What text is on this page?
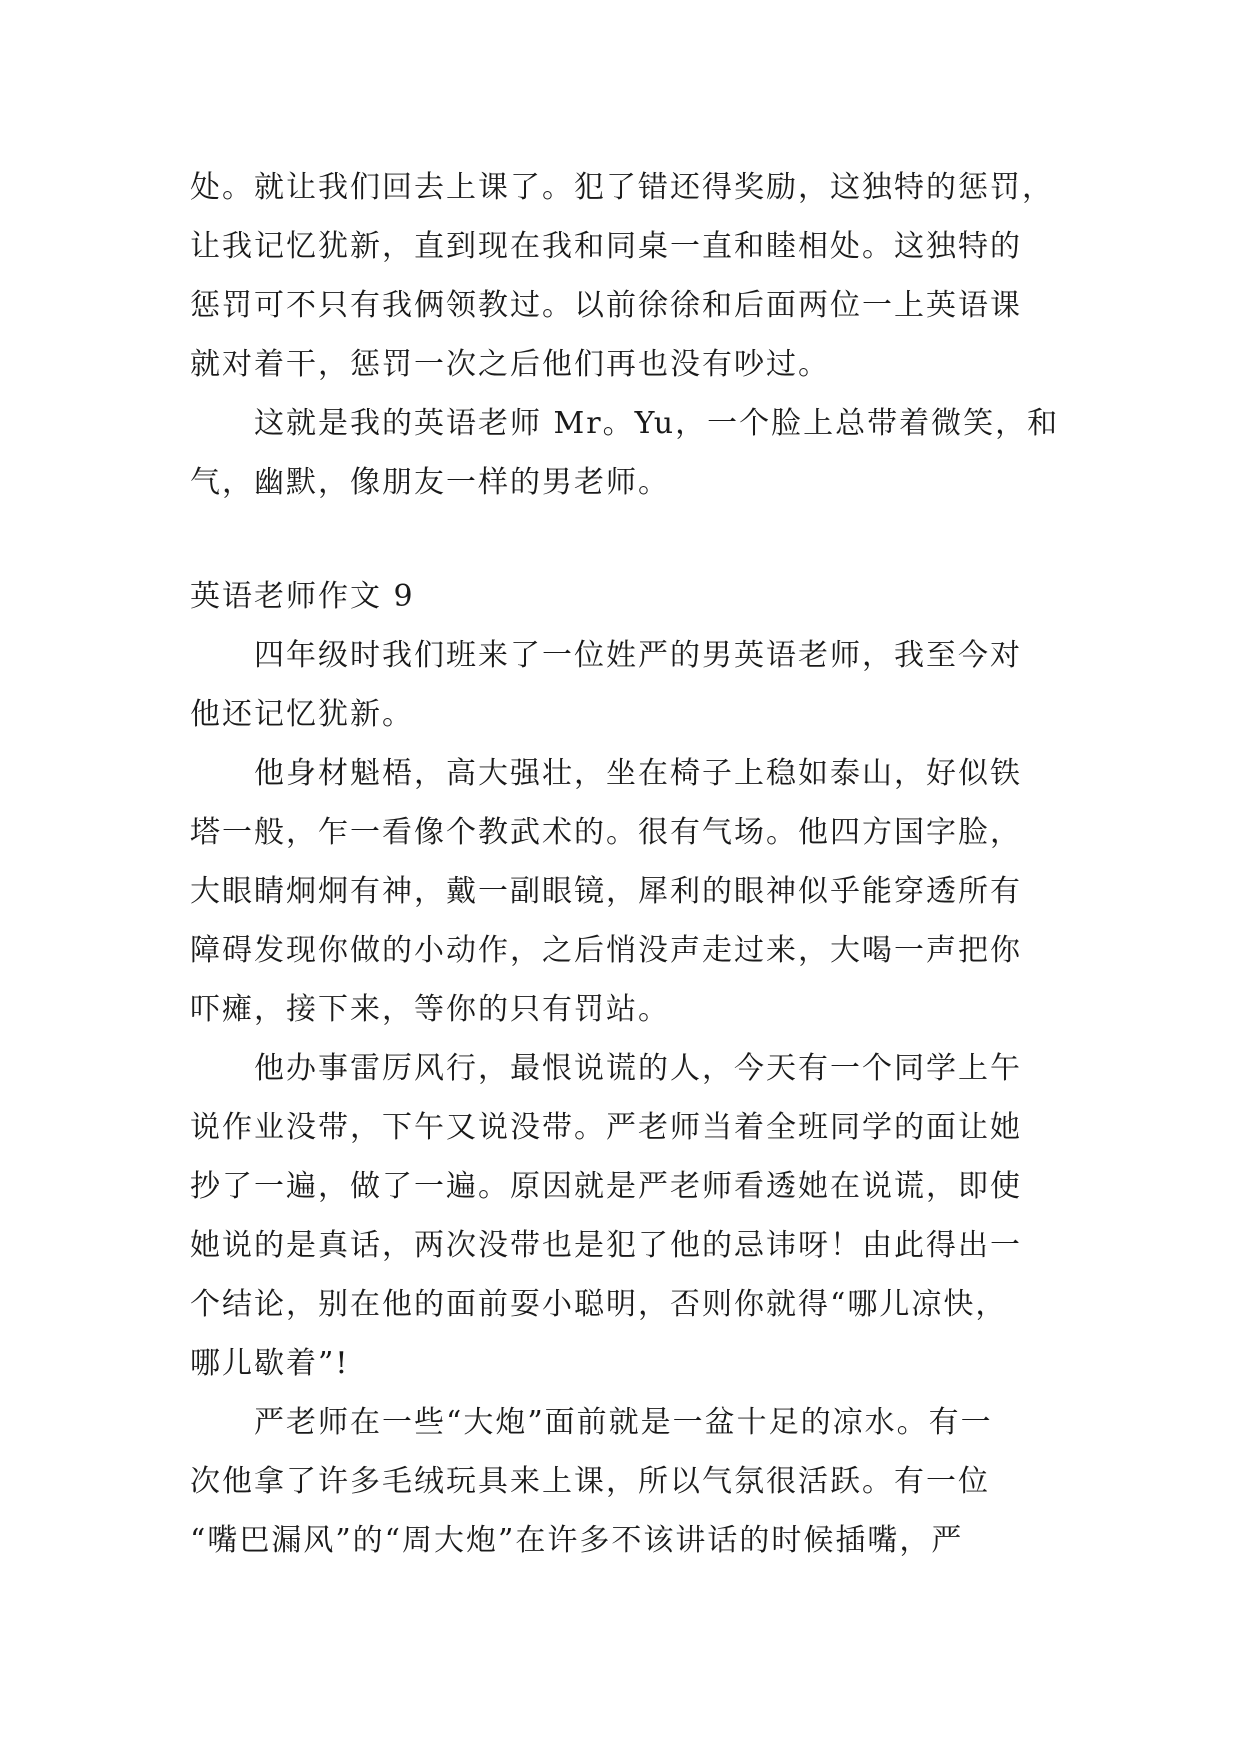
处。就让我们回去上课了。犯了错还得奖励，这独特的惩罚，
让我记忆犹新，直到现在我和同桌一直和睦相处。这独特的
惩罚可不只有我俩领教过。以前徐徐和后面两位一上英语课
就对着干，惩罚一次之后他们再也没有吵过。
这就是我的英语老师 Mr。Yu，一个脸上总带着微笑，和
气，幽默，像朋友一样的男老师。
英语老师作文 9
四年级时我们班来了一位姓严的男英语老师，我至今对
他还记忆犹新。
他身材魁梧，高大强壮，坐在椅子上稳如泰山，好似铁
塔一般，乍一看像个教武术的。很有气场。他四方国字脸，
大眼睛炯炯有神，戴一副眼镜，犀利的眼神似乎能穿透所有
障碍发现你做的小动作，之后悄没声走过来，大喝一声把你
吓瘫，接下来，等你的只有罚站。
他办事雷厉风行，最恨说谎的人，今天有一个同学上午
说作业没带，下午又说没带。严老师当着全班同学的面让她
抄了一遍，做了一遍。原因就是严老师看透她在说谎，即使
她说的是真话，两次没带也是犯了他的忌讳呀！由此得出一
个结论，别在他的面前耍小聪明，否则你就得“哪儿凉快，
哪儿歇着”!
严老师在一些“大炮”面前就是一盆十足的凉水。有一
次他拿了许多毛绒玩具来上课，所以气氛很活跃。有一位
“嘴巴漏风”的“周大炮”在许多不该讲话的时候插嘴，严
